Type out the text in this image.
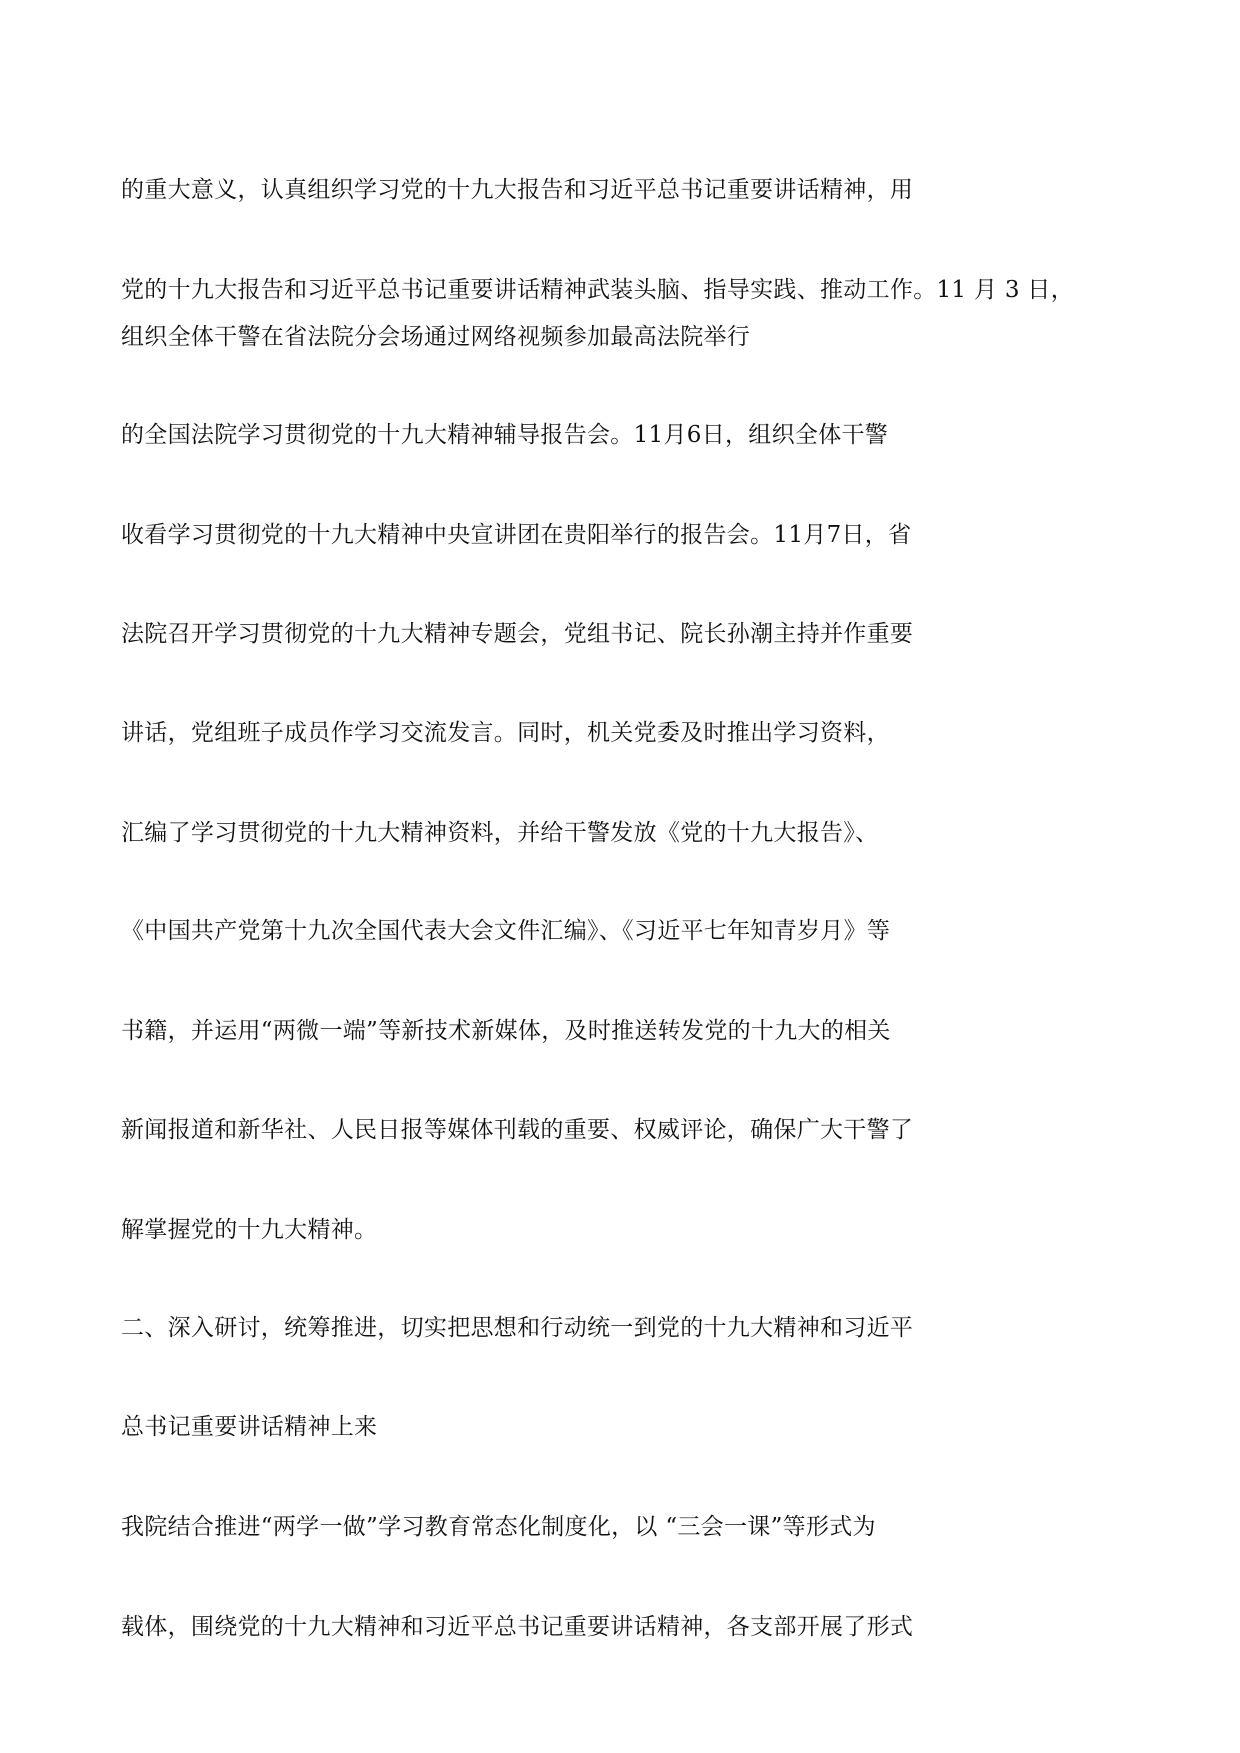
的重大意义，认真组织学习党的十九大报告和习近平总书记重要讲话精神，用
党的十九大报告和习近平总书记重要讲话精神武装头脑、指导实践、推动工作。11 月 3 日，
组织全体干警在省法院分会场通过网络视频参加最高法院举行
的全国法院学习贯彻党的十九大精神辅导报告会。11月6日，组织全体干警
收看学习贯彻党的十九大精神中央宣讲团在贵阳举行的报告会。11月7日，省
法院召开学习贯彻党的十九大精神专题会，党组书记、院长孙潮主持并作重要
讲话，党组班子成员作学习交流发言。同时，机关党委及时推出学习资料，
汇编了学习贯彻党的十九大精神资料，并给干警发放《党的十九大报告》、
《中国共产党第十九次全国代表大会文件汇编》、《习近平七年知青岁月》等
书籍，并运用“两微一端”等新技术新媒体，及时推送转发党的十九大的相关
新闻报道和新华社、人民日报等媒体刊载的重要、权威评论，确保广大干警了
解掌握党的十九大精神。
二、深入研讨，统筹推进，切实把思想和行动统一到党的十九大精神和习近平
总书记重要讲话精神上来
我院结合推进“两学一做”学习教育常态化制度化，以 “三会一课”等形式为
载体，围绕党的十九大精神和习近平总书记重要讲话精神，各支部开展了形式
